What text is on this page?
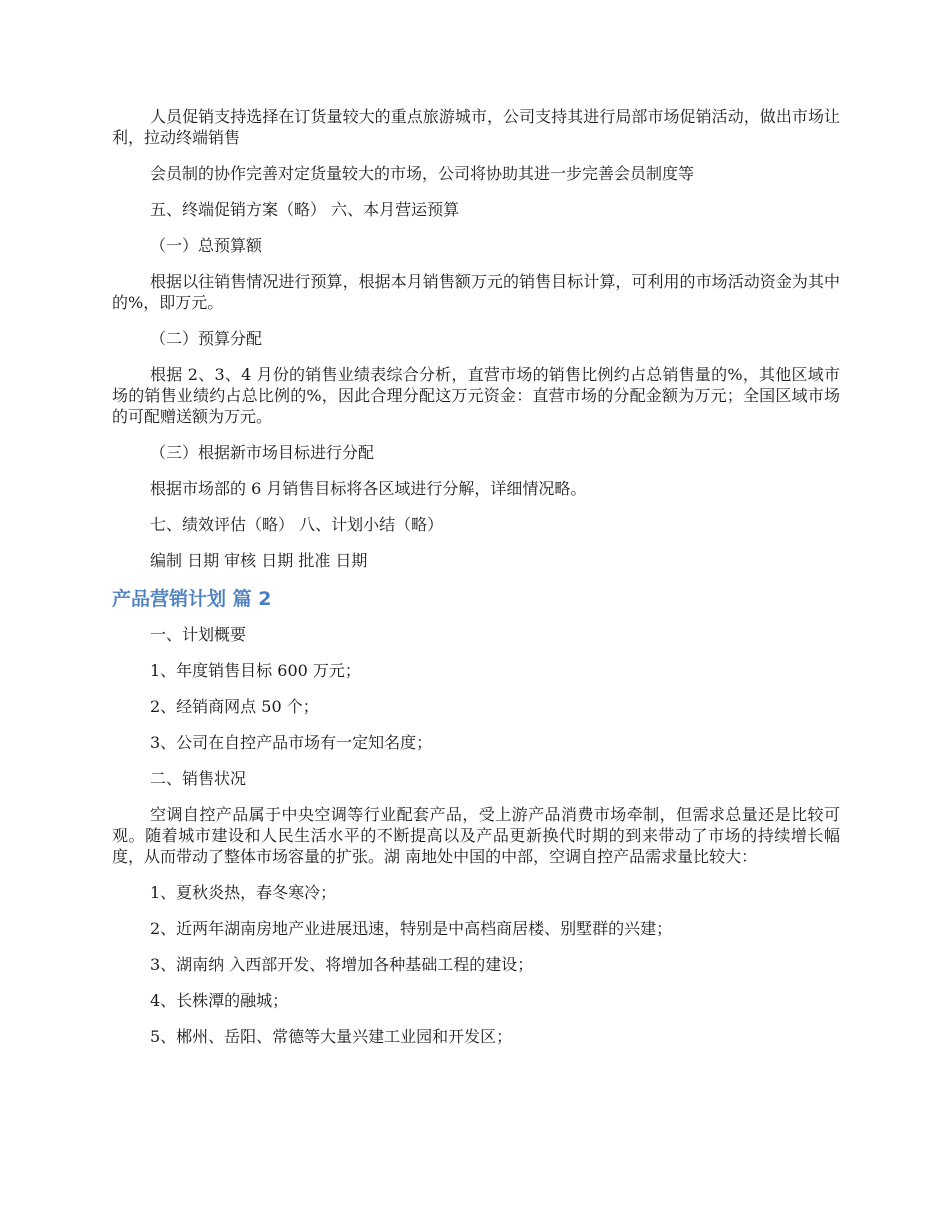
人员促销支持选择在订货量较大的重点旅游城市，公司支持其进行局部市场促销活动，做出市场让利，拉动终端销售

会员制的协作完善对定货量较大的市场，公司将协助其进一步完善会员制度等

五、终端促销方案（略） 六、本月营运预算

（一）总预算额

根据以往销售情况进行预算，根据本月销售额万元的销售目标计算，可利用的市场活动资金为其中的%，即万元。

（二）预算分配

根据 2、3、4 月份的销售业绩表综合分析，直营市场的销售比例约占总销售量的%，其他区域市场的销售业绩约占总比例的%，因此合理分配这万元资金：直营市场的分配金额为万元；全国区域市场的可配赠送额为万元。

（三）根据新市场目标进行分配

根据市场部的 6 月销售目标将各区域进行分解，详细情况略。

七、绩效评估（略） 八、计划小结（略）

编制 日期 审核 日期 批准 日期

产品营销计划 篇 2

一、计划概要

1、年度销售目标 600 万元；

2、经销商网点 50 个；

3、公司在自控产品市场有一定知名度；

二、销售状况

空调自控产品属于中央空调等行业配套产品，受上游产品消费市场牵制，但需求总量还是比较可观。随着城市建设和人民生活水平的不断提高以及产品更新换代时期的到来带动了市场的持续增长幅度，从而带动了整体市场容量的扩张。湖 南地处中国的中部，空调自控产品需求量比较大：

1、夏秋炎热，春冬寒冷；

2、近两年湖南房地产业进展迅速，特别是中高档商居楼、别墅群的兴建；

3、湖南纳 入西部开发、将增加各种基础工程的建设；

4、长株潭的融城；

5、郴州、岳阳、常德等大量兴建工业园和开发区；
